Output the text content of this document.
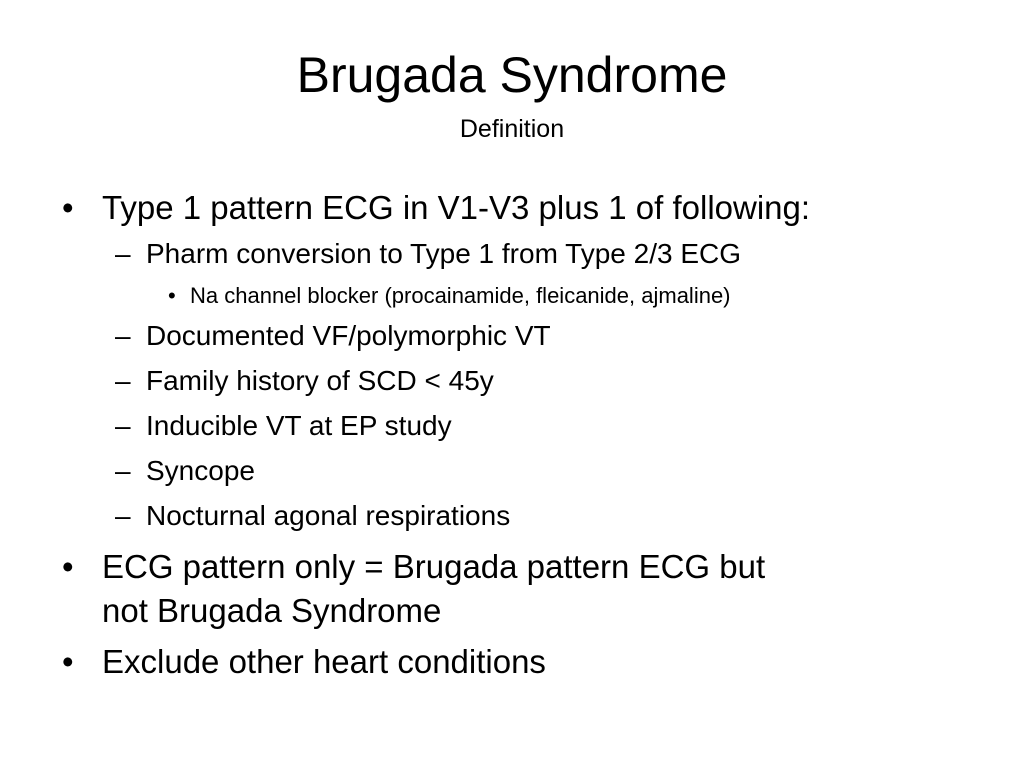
Brugada Syndrome
Definition
• Type 1 pattern ECG in V1-V3 plus 1 of following:
– Pharm conversion to Type 1 from Type 2/3 ECG
• Na channel blocker (procainamide, fleicanide, ajmaline)
– Documented VF/polymorphic VT
– Family history of SCD < 45y
– Inducible VT at EP study
– Syncope
– Nocturnal agonal respirations
• ECG pattern only = Brugada pattern ECG but
not Brugada Syndrome
• Exclude other heart conditions
